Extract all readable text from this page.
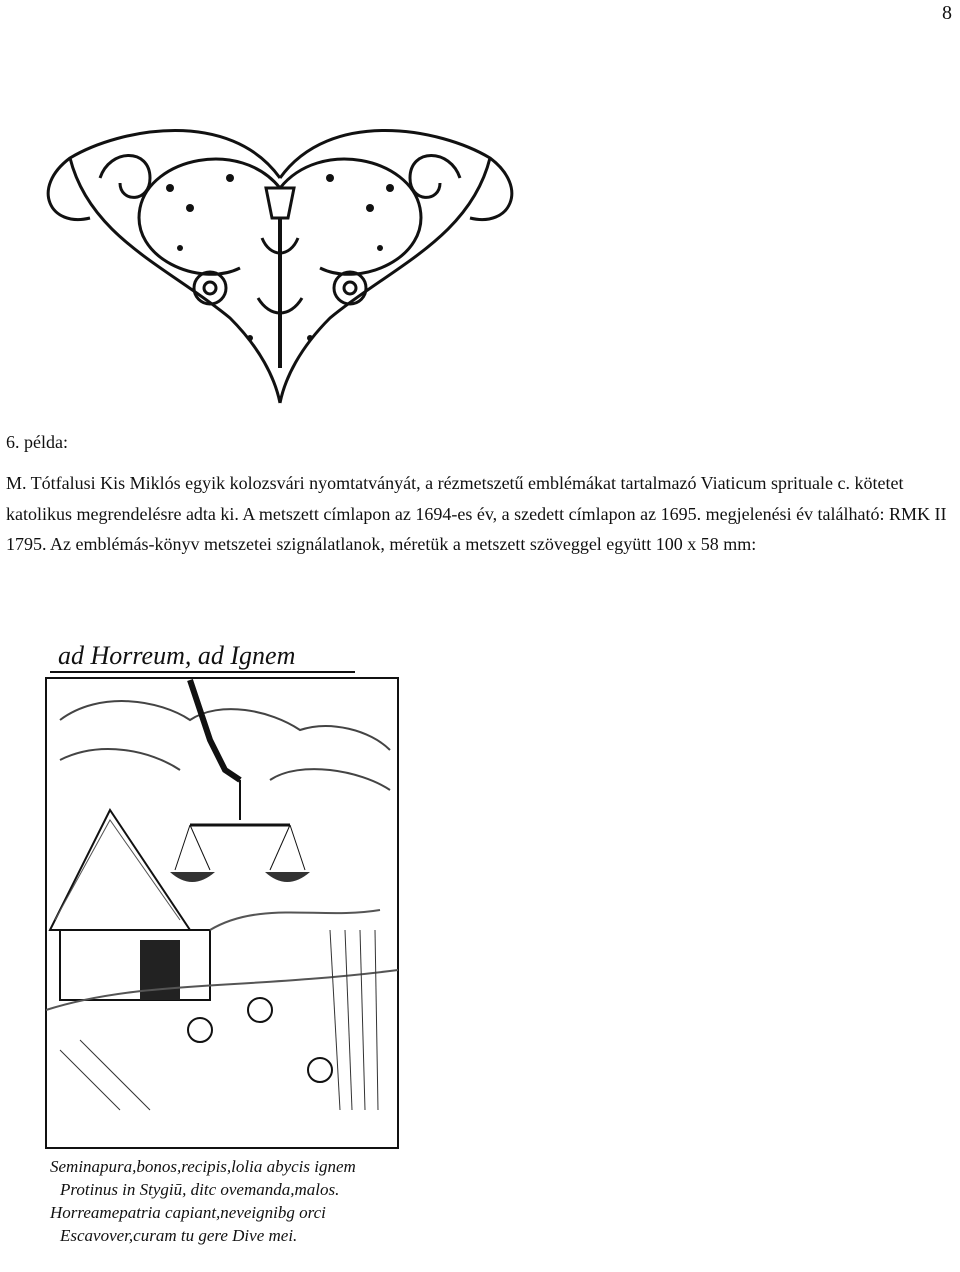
8
6. példa:
M. Tótfalusi Kis Miklós egyik kolozsvári nyomtatványát, a rézmetszetű emblémákat tartalmazó Viaticum sprituale c. kötetet katolikus megrendelésre adta ki. A metszett címlapon az 1694-es év, a szedett címlapon az 1695. megjelenési év található: RMK II 1795. Az emblémás-könyv metszetei szignálatlanok, méretük a metszett szöveggel együtt 100 x 58 mm:
ad Horreum, ad Ignem
Seminapura,bonos,recipis,lolia abycis ignem
Protinus in Stygiū, ditc ovemanda,malos.
Horreamepatria capiant,neveignibg orci
Escavover,curam tu gere Dive mei.
